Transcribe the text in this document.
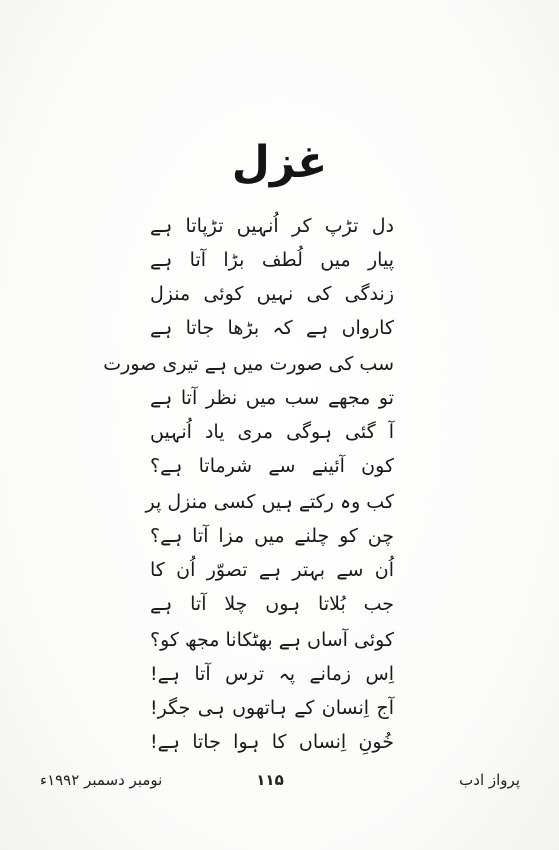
غزل
دل تڑپ کر اُنہیں تڑپاتا ہے
پیار میں لُطف بڑا آتا ہے
زندگی کی نہیں کوئی منزل
کارواں ہے کہ بڑھا جاتا ہے
سب کی صورت میں ہے تیری صورت
تو مجھے سب میں نظر آتا ہے
آ گئی ہوگی مری یاد اُنہیں
کون آئینے سے شرماتا ہے؟
کب وہ رکتے ہیں کسی منزل پر
چن کو چلنے میں مزا آتا ہے؟
اُن سے بہتر ہے تصوّر اُن کا
جب بُلاتا ہوں چلا آتا ہے
کوئی آساں ہے بھٹکانا مجھ کو؟
اِس زمانے پہ ترس آتا ہے!
آج اِنسان کے ہاتھوں ہی جگر!
خُونِ اِنساں کا ہوا جاتا ہے!
نومبر دسمبر ۱۹۹۲ء	۱۱۵	پرواز ادب
